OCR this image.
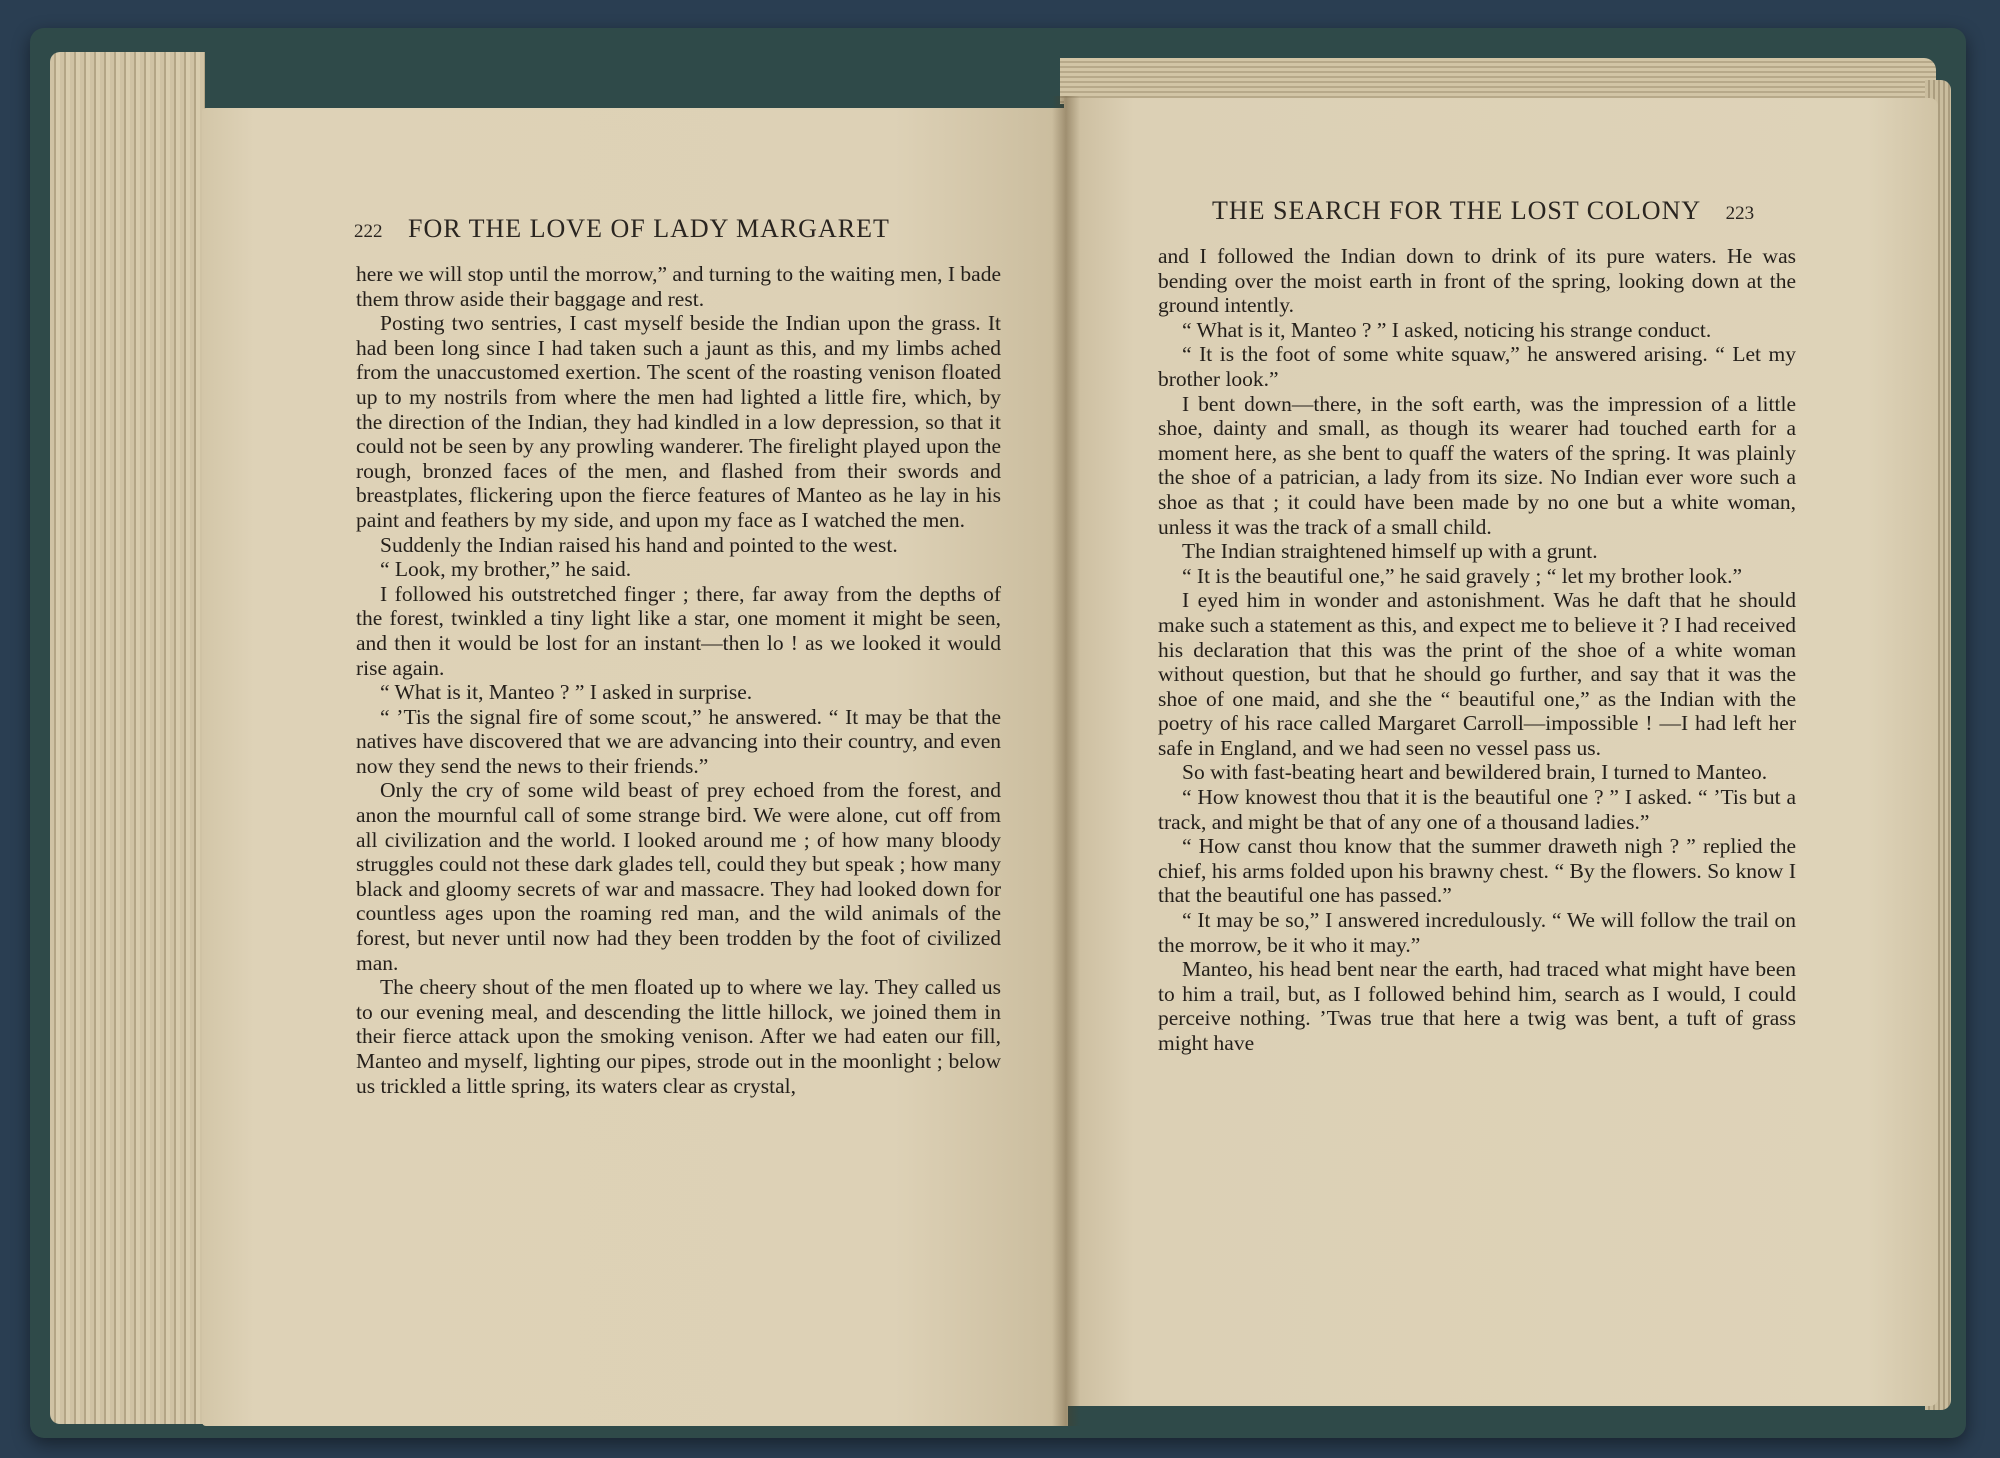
222 FOR THE LOVE OF LADY MARGARET

here we will stop until the morrow,” and turning to the waiting men, I bade them throw aside their baggage and rest.

Posting two sentries, I cast myself beside the Indian upon the grass. It had been long since I had taken such a jaunt as this, and my limbs ached from the unaccustomed exertion. The scent of the roasting venison floated up to my nostrils from where the men had lighted a little fire, which, by the direction of the Indian, they had kindled in a low depression, so that it could not be seen by any prowling wanderer. The firelight played upon the rough, bronzed faces of the men, and flashed from their swords and breastplates, flickering upon the fierce features of Manteo as he lay in his paint and feathers by my side, and upon my face as I watched the men.

Suddenly the Indian raised his hand and pointed to the west.

“ Look, my brother,” he said.

I followed his outstretched finger ; there, far away from the depths of the forest, twinkled a tiny light like a star, one moment it might be seen, and then it would be lost for an instant—then lo ! as we looked it would rise again.

“ What is it, Manteo ? ” I asked in surprise.

“ ’Tis the signal fire of some scout,” he answered. “ It may be that the natives have discovered that we are advancing into their country, and even now they send the news to their friends.”

Only the cry of some wild beast of prey echoed from the forest, and anon the mournful call of some strange bird. We were alone, cut off from all civilization and the world. I looked around me ; of how many bloody struggles could not these dark glades tell, could they but speak ; how many black and gloomy secrets of war and massacre. They had looked down for countless ages upon the roaming red man, and the wild animals of the forest, but never until now had they been trodden by the foot of civilized man.

The cheery shout of the men floated up to where we lay. They called us to our evening meal, and descending the little hillock, we joined them in their fierce attack upon the smoking venison. After we had eaten our fill, Manteo and myself, lighting our pipes, strode out in the moonlight ; below us trickled a little spring, its waters clear as crystal,

THE SEARCH FOR THE LOST COLONY 223

and I followed the Indian down to drink of its pure waters. He was bending over the moist earth in front of the spring, looking down at the ground intently.

“ What is it, Manteo ? ” I asked, noticing his strange conduct.

“ It is the foot of some white squaw,” he answered arising. “ Let my brother look.”

I bent down—there, in the soft earth, was the impression of a little shoe, dainty and small, as though its wearer had touched earth for a moment here, as she bent to quaff the waters of the spring. It was plainly the shoe of a patrician, a lady from its size. No Indian ever wore such a shoe as that ; it could have been made by no one but a white woman, unless it was the track of a small child.

The Indian straightened himself up with a grunt.

“ It is the beautiful one,” he said gravely ; “ let my brother look.”

I eyed him in wonder and astonishment. Was he daft that he should make such a statement as this, and expect me to believe it ? I had received his declaration that this was the print of the shoe of a white woman without question, but that he should go further, and say that it was the shoe of one maid, and she the “ beautiful one,” as the Indian with the poetry of his race called Margaret Carroll—impossible ! —I had left her safe in England, and we had seen no vessel pass us.

So with fast-beating heart and bewildered brain, I turned to Manteo.

“ How knowest thou that it is the beautiful one ? ” I asked. “ ’Tis but a track, and might be that of any one of a thousand ladies.”

“ How canst thou know that the summer draweth nigh ? ” replied the chief, his arms folded upon his brawny chest. “ By the flowers. So know I that the beautiful one has passed.”

“ It may be so,” I answered incredulously. “ We will follow the trail on the morrow, be it who it may.”

Manteo, his head bent near the earth, had traced what might have been to him a trail, but, as I followed behind him, search as I would, I could perceive nothing. ’Twas true that here a twig was bent, a tuft of grass might have
